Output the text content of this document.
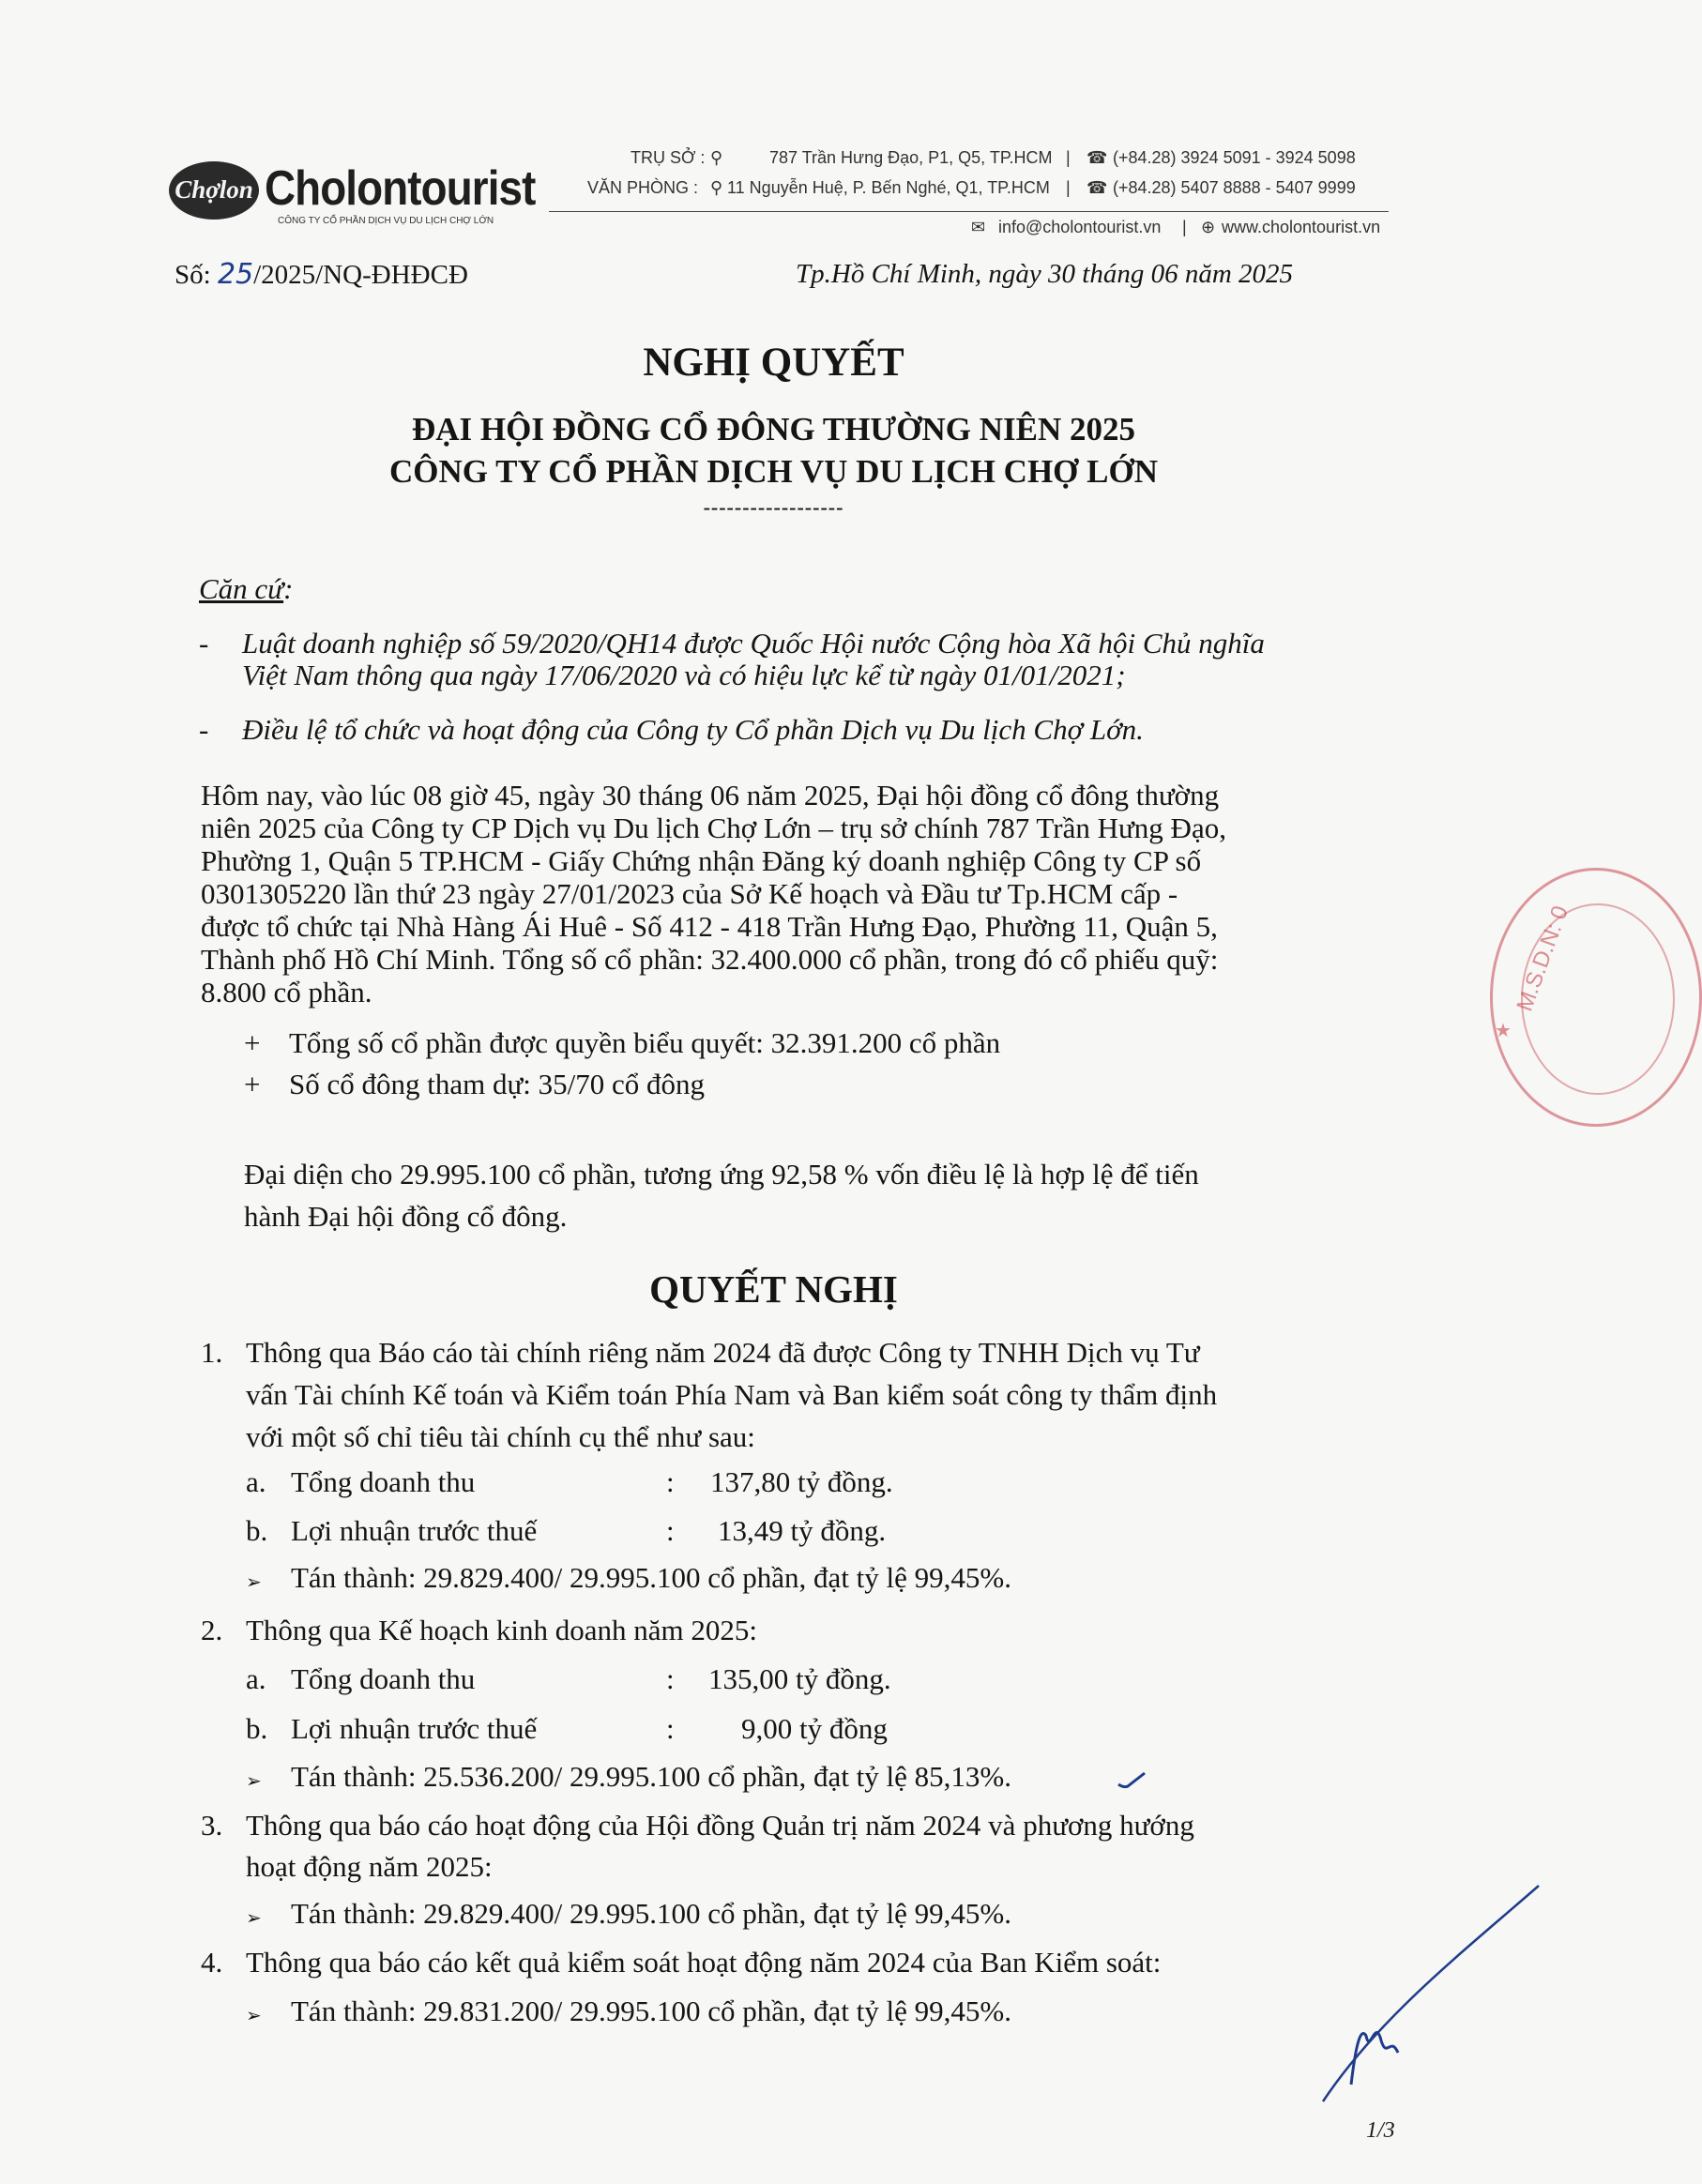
Chợlon Cholontourist
CÔNG TY CỔ PHẦN DỊCH VỤ DU LỊCH CHỢ LỚN
TRỤ SỞ : ⚲	787 Trần Hưng Đạo, P1, Q5, TP.HCM | ☎ (+84.28) 3924 5091 - 3924 5098
VĂN PHÒNG : ⚲ 11 Nguyễn Huệ, P. Bến Nghé, Q1, TP.HCM | ☎ (+84.28) 5407 8888 - 5407 9999
✉ info@cholontourist.vn | ⊕ www.cholontourist.vn
Số: 25/2025/NQ-ĐHĐCĐ	Tp.Hồ Chí Minh, ngày 30 tháng 06 năm 2025
NGHỊ QUYẾT
ĐẠI HỘI ĐỒNG CỔ ĐÔNG THƯỜNG NIÊN 2025
CÔNG TY CỔ PHẦN DỊCH VỤ DU LỊCH CHỢ LỚN
------------------
Căn cứ:
- Luật doanh nghiệp số 59/2020/QH14 được Quốc Hội nước Cộng hòa Xã hội Chủ nghĩa
Việt Nam thông qua ngày 17/06/2020 và có hiệu lực kể từ ngày 01/01/2021;
- Điều lệ tổ chức và hoạt động của Công ty Cổ phần Dịch vụ Du lịch Chợ Lớn.
Hôm nay, vào lúc 08 giờ 45, ngày 30 tháng 06 năm 2025, Đại hội đồng cổ đông thường
niên 2025 của Công ty CP Dịch vụ Du lịch Chợ Lớn – trụ sở chính 787 Trần Hưng Đạo,
Phường 1, Quận 5 TP.HCM - Giấy Chứng nhận Đăng ký doanh nghiệp Công ty CP số
0301305220 lần thứ 23 ngày 27/01/2023 của Sở Kế hoạch và Đầu tư Tp.HCM cấp -
được tổ chức tại Nhà Hàng Ái Huê - Số 412 - 418 Trần Hưng Đạo, Phường 11, Quận 5,
Thành phố Hồ Chí Minh. Tổng số cổ phần: 32.400.000 cổ phần, trong đó cổ phiếu quỹ:
8.800 cổ phần.
+ Tổng số cổ phần được quyền biểu quyết: 32.391.200 cổ phần
+ Số cổ đông tham dự: 35/70 cổ đông
Đại diện cho 29.995.100 cổ phần, tương ứng 92,58 % vốn điều lệ là hợp lệ để tiến
hành Đại hội đồng cổ đông.
QUYẾT NGHỊ
1. Thông qua Báo cáo tài chính riêng năm 2024 đã được Công ty TNHH Dịch vụ Tư
vấn Tài chính Kế toán và Kiểm toán Phía Nam và Ban kiểm soát công ty thẩm định
với một số chỉ tiêu tài chính cụ thể như sau:
a. Tổng doanh thu	: 137,80 tỷ đồng.
b. Lợi nhuận trước thuế	: 13,49 tỷ đồng.
➢ Tán thành: 29.829.400/ 29.995.100 cổ phần, đạt tỷ lệ 99,45%.
2. Thông qua Kế hoạch kinh doanh năm 2025:
a. Tổng doanh thu	: 135,00 tỷ đồng.
b. Lợi nhuận trước thuế	: 9,00 tỷ đồng
➢ Tán thành: 25.536.200/ 29.995.100 cổ phần, đạt tỷ lệ 85,13%.
3. Thông qua báo cáo hoạt động của Hội đồng Quản trị năm 2024 và phương hướng
hoạt động năm 2025:
➢ Tán thành: 29.829.400/ 29.995.100 cổ phần, đạt tỷ lệ 99,45%.
4. Thông qua báo cáo kết quả kiểm soát hoạt động năm 2024 của Ban Kiểm soát:
➢ Tán thành: 29.831.200/ 29.995.100 cổ phần, đạt tỷ lệ 99,45%.
M.S.D.N: 0
★
1/3
